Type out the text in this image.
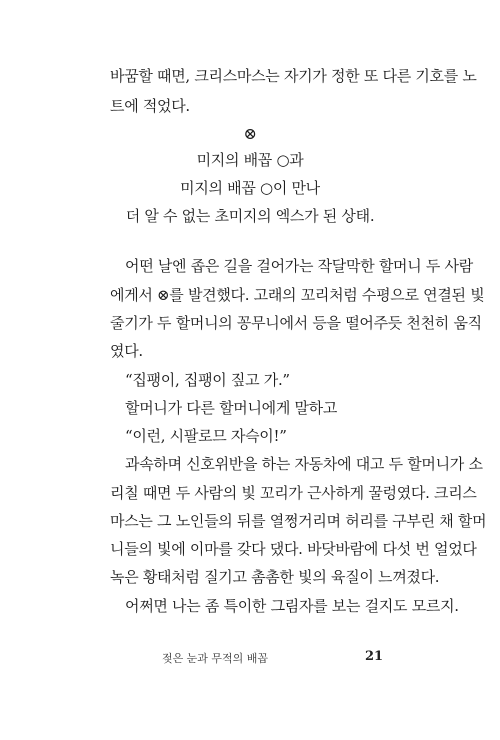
바꿈할 때면, 크리스마스는 자기가 정한 또 다른 기호를 노
트에 적었다.
⊗
미지의 배꼽 ○과
미지의 배꼽 ○이 만나
더 알 수 없는 초미지의 엑스가 된 상태.
어떤 날엔 좁은 길을 걸어가는 작달막한 할머니 두 사람
에게서 ⊗를 발견했다. 고래의 꼬리처럼 수평으로 연결된 빛
줄기가 두 할머니의 꽁무니에서 등을 떨어주듯 천천히 움직
였다.
“집팽이, 집팽이 짚고 가.”
할머니가 다른 할머니에게 말하고
“이런, 시팔로므 자슥이!”
과속하며 신호위반을 하는 자동차에 대고 두 할머니가 소
리칠 때면 두 사람의 빛 꼬리가 근사하게 꿀렁였다. 크리스
마스는 그 노인들의 뒤를 열쩡거리며 허리를 구부린 채 할머
니들의 빛에 이마를 갖다 댔다. 바닷바람에 다섯 번 얼었다
녹은 황태처럼 질기고 촘촘한 빛의 육질이 느껴졌다.
어쩌면 나는 좀 특이한 그림자를 보는 걸지도 모르지.
젖은 눈과 무적의 배꼽	21
